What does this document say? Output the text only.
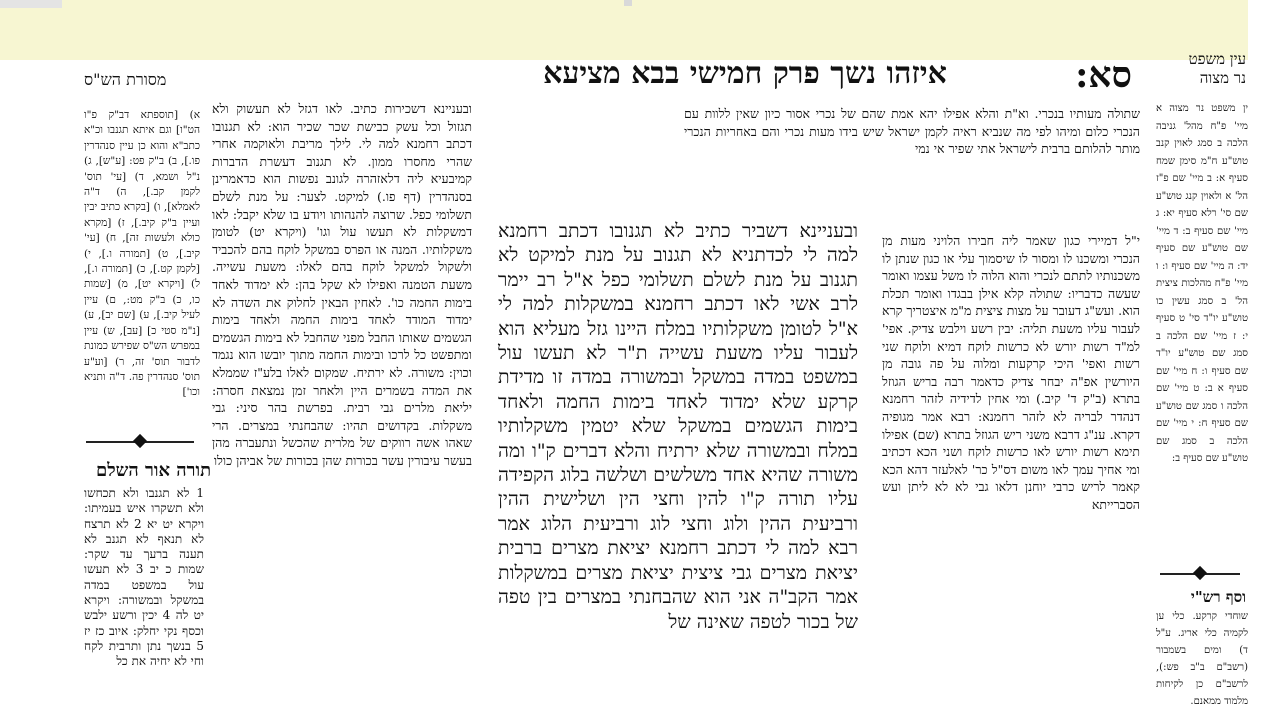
סא:
איזהו נשך פרק חמישי בבא מציעא
מסורת הש"ס
עין משפט
נר מצוה

שתולה מעותיו בנכרי. וא"ת והלא אפילו יהא אמת שהם של נכרי אסור כיון שאין ללוות עם הנכרי כלום ומיהו לפי מה שנביא ראיה לקמן ישראל שיש בידו מעות נכרי והם באחריות הנכרי מותר להלותם ברבית לישראל אתי שפיר אי נמי

ובעניינא דשביר כתיב לא תגנובו דכתב רחמנא למה לי לכדתניא לא תגנוב על מנת למיקט לא תגנוב על מנת לשלם תשלומי כפל א"ל רב יימר לרב אשי לאו דכתב רחמנא במשקלות למה לי א"ל לטומן משקלותיו במלח היינו גזל מעליא הוא לעבור עליו משעת עשייה ת"ר לא תעשו עול במשפט במדה במשקל ובמשורה במדה זו מדידת קרקע שלא ימדוד לאחד בימות החמה ולאחד בימות הגשמים במשקל שלא יטמין משקלותיו במלח ובמשורה שלא ירתיח והלא דברים ק"ו ומה משורה שהיא אחד משלשים ושלשה בלוג הקפידה עליו תורה ק"ו להין וחצי הין ושלישית ההין ורביעית ההין ולוג וחצי לוג ורביעית הלוג אמר רבא למה לי דכתב רחמנא יציאת מצרים ברבית יציאת מצרים גבי ציצית יציאת מצרים במשקלות אמר הקב"ה אני הוא שהבחנתי במצרים בין טפה של בכור לטפה שאינה של

ובעניינא דשכירות כתיב. לאו דגזל לא תעשוק ולא תגזול וכל עשק כבישת שכר שכיר הוא: לא תגנובו דכתב רחמנא למה לי. לילך מריבת ולאוקמה אחרי שהרי מחסרו ממון. לא תגנוב דעשרת הדברות קמיבעיא ליה דלאזהרה לגונב נפשות הוא כדאמרינן בסנהדרין (דף פו.) למיקט. לצער: על מנת לשלם תשלומי כפל. שרוצה להנהותו ויודע בו שלא יקבל: לאו דמשקלות לא תעשו עול וגו' (ויקרא יט) לטומן משקלותיו. המנה או הפרס במשקל לוקח בהם להכביד ולשקול למשקל לוקח בהם לאלו: משעת עשייה. משעת הטמנה ואפילו לא שקל בהן: לא ימדוד לאחד בימות החמה כו'. לאחין הבאין לחלוק את השדה לא ימדוד המודד לאחד בימות החמה ולאחד בימות הגשמים שאותו החבל מפני שהחבל לא בימות הגשמים ומתפשט כל לרכו ובימות החמה מתוך יובשו הוא נגמד וכוין: משורה. לא ירתיח. שמקום לאלו בלע"ז שממלא את המדה בשמרים היין ולאחר זמן נמצאת חסרה: יליאת מלרים גבי רבית. בפרשת בהר סיני: גבי משקלות. בקדושים תהיו: שהבחנתי במצרים. הרי שאהו אשה רווקים של מלרית שהכשל ונתעברה מהן בעשר עיבורין עשר בכורות שהן בכורות של אביהן כולו

י"ל דמיירי כגון שאמר ליה חבירו הלויני מעות מן הנכרי ומשכנו לו ומסור לו שיסמוך עלי או כגון שנתן לו משכנותיו לתתם לנכרי והוא הלוה לו משל עצמו ואומר שעשה כדבריו: שתולה קלא אילן בבגדו ואומר תכלת הוא. ועש"ג דעובר על מצות ציצית מ"מ איצטריך קרא לעבור עליו משעת תליה: יבין רשע וילבש צדיק. אפי' למ"ד רשות יורש לא כרשות לוקח דמיא ולוקח שני רשות ואפי' היכי קרקעות ומלוה על פה גובה מן היורשין אפ"ה יבחר צדיק כדאמר רבה בריש הגוזל בתרא (ב"ק ד' קיב.) ומי אחין לדידיה לזהר רחמנא דנהדר לבריה לא לזהר רחמנא: רבא אמר מגופיה דקרא. ענ"ג דרבא משני ריש הגוזל בתרא (שם) אפילו תימא רשות יורש לאו כרשות לוקח ושני הכא דכתיב ומי אחיך עמך לאו משום דס"ל כר' לאלעזר דהא הכא קאמר לריש כרבי יוחנן דלאו גבי לא לא ליתן ועש הסברייתא

א) [תוספתא דב"ק פ"ו הט"ו] וגם איתא תגנבו וכ"א כתב"א והוא כן עיין סנהדרין פו.], ב) ב"ק פט: [ע"ש], ג) נ"ל ושמא, ד) [עי' תוס' לקמן קב.], ה) ד"ה לאמלא], ו) [בקרא כתיב יבין ועיין ב"ק קיב.], ז) [מקרא כולא ולעשות זה], ח) [עי' קיב.], ט) [תמורה ו.], י) [לקמן קט.], כ) [תמורה ו.], ל) [ויקרא יט], מ) [שמות כו, כ) ב"ק מט:, ם) עיין לעיל קיב.], ע) [שם יב], ע) [נ"מ סטי כ] [עב], ש) עיין במפרש הש"ס שפירש כמונת לדבור תוס' זה, ר) [וע"ע תוס' סנהדרין פה. ד"ה ותניא וכו']

תורה אור השלם

1 לא תגנבו ולא תכחשו ולא תשקרו איש בעמיתו: ויקרא יט יא 2 לא תרצח לא תנאף לא תגנב לא תענה ברעך עד שקר: שמות כ יב 3 לא תעשו עול במשפט במדה במשקל ובמשורה: ויקרא יט לה 4 יכין ורשע ילבש וכסף נקי יחלק: איוב כז יז 5 בנשך נתן ותרבית לקח וחי לא יחיה את כל

ין משפט נר מצוה א מיי' פ"ח מהל' גניבה הלכה ב סמג לאוין קנב טוש"ע ח"מ סימן שמח סעיף א: ב מיי' שם פ"ז הל' א ולאוין קנג טוש"ע שם סי' רלא סעיף יא: ג מיי' שם סעיף ב: ד מיי' שם טוש"ע שם סעיף יד: ה מיי' שם סעיף ו: ו מיי' פ"ח מהלכות ציצית הל' ב סמג עשין כו טוש"ע יו"ד סי' ט סעיף י: ז מיי' שם הלכה ב סמג שם טוש"ע יו"ד שם סעיף ו: ח מיי' שם סעיף א ב: ט מיי' שם הלכה ו סמג שם טוש"ע שם סעיף ח: י מיי' שם הלכה ב סמג שם טוש"ע שם סעיף ב:

וסף רש"י

שוחדי קרקע. כלי ען לקמיה כלי אריג. ע"ל ד) ומים בשמבור (רשב"ם ב"ב פש:), לרשב"ם כן לקיחות מלמוד ממאנם.
